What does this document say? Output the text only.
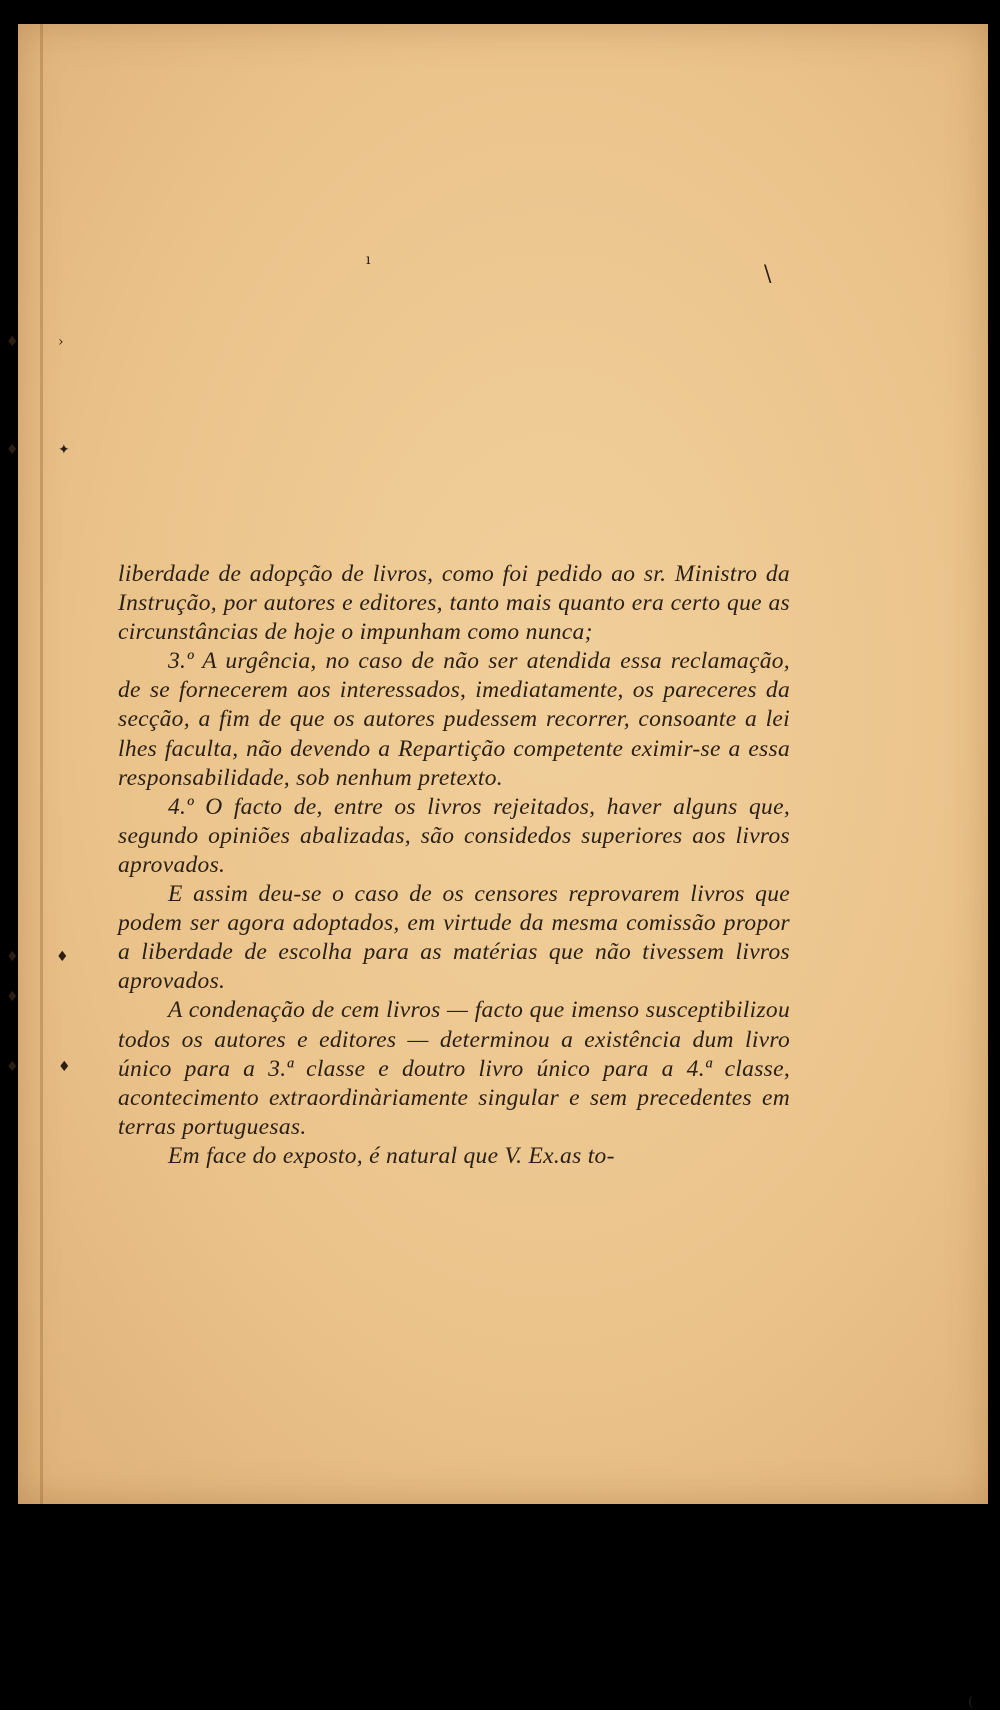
♦	›
♦	✦
♦	♦
♦
♦	♦
ı
\
(

liberdade de adopção de livros, como foi pedido ao sr. Ministro da Instrução, por autores e editores, tanto mais quanto era certo que as circunstâncias de hoje o impunham como nunca;

3.º A urgência, no caso de não ser atendida essa reclamação, de se fornecerem aos interessados, imediatamente, os pareceres da secção, a fim de que os autores pudessem recorrer, consoante a lei lhes faculta, não devendo a Repartição competente eximir-se a essa responsabilidade, sob nenhum pretexto.

4.º O facto de, entre os livros rejeitados, haver alguns que, segundo opiniões abalizadas, são considedos superiores aos livros aprovados.

E assim deu-se o caso de os censores reprovarem livros que podem ser agora adoptados, em virtude da mesma comissão propor a liberdade de escolha para as matérias que não tivessem livros aprovados.

A condenação de cem livros — facto que imenso susceptibilizou todos os autores e editores — determinou a existência dum livro único para a 3.ª classe e doutro livro único para a 4.ª classe, acontecimento extraordinàriamente singular e sem precedentes em terras portuguesas.

Em face do exposto, é natural que V. Ex.as to-
